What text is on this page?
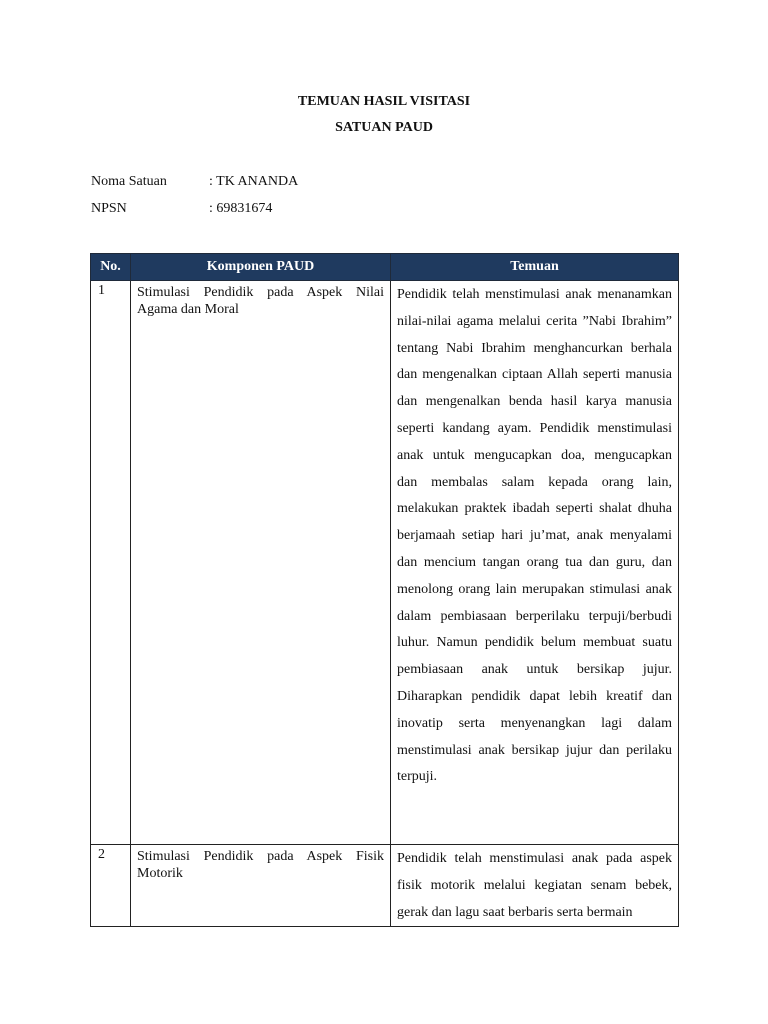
TEMUAN HASIL VISITASI
SATUAN PAUD
Noma Satuan	: TK ANANDA
NPSN	: 69831674
No.	Komponen PAUD	Temuan
1	Stimulasi Pendidik pada Aspek Nilai Agama dan Moral	Pendidik telah menstimulasi anak menanamkan nilai-nilai agama melalui cerita ”Nabi Ibrahim” tentang Nabi Ibrahim menghancurkan berhala dan mengenalkan ciptaan Allah seperti manusia dan mengenalkan benda hasil karya manusia seperti kandang ayam. Pendidik menstimulasi anak untuk mengucapkan doa, mengucapkan dan membalas salam kepada orang lain, melakukan praktek ibadah seperti shalat dhuha berjamaah setiap hari ju’mat, anak menyalami dan mencium tangan orang tua dan guru, dan menolong orang lain merupakan stimulasi anak dalam pembiasaan berperilaku terpuji/berbudi luhur. Namun pendidik belum membuat suatu pembiasaan anak untuk bersikap jujur. Diharapkan pendidik dapat lebih kreatif dan inovatip serta menyenangkan lagi dalam menstimulasi anak bersikap jujur dan perilaku terpuji.
2	Stimulasi Pendidik pada Aspek Fisik Motorik	Pendidik telah menstimulasi anak pada aspek fisik motorik melalui kegiatan senam bebek, gerak dan lagu saat berbaris serta bermain
